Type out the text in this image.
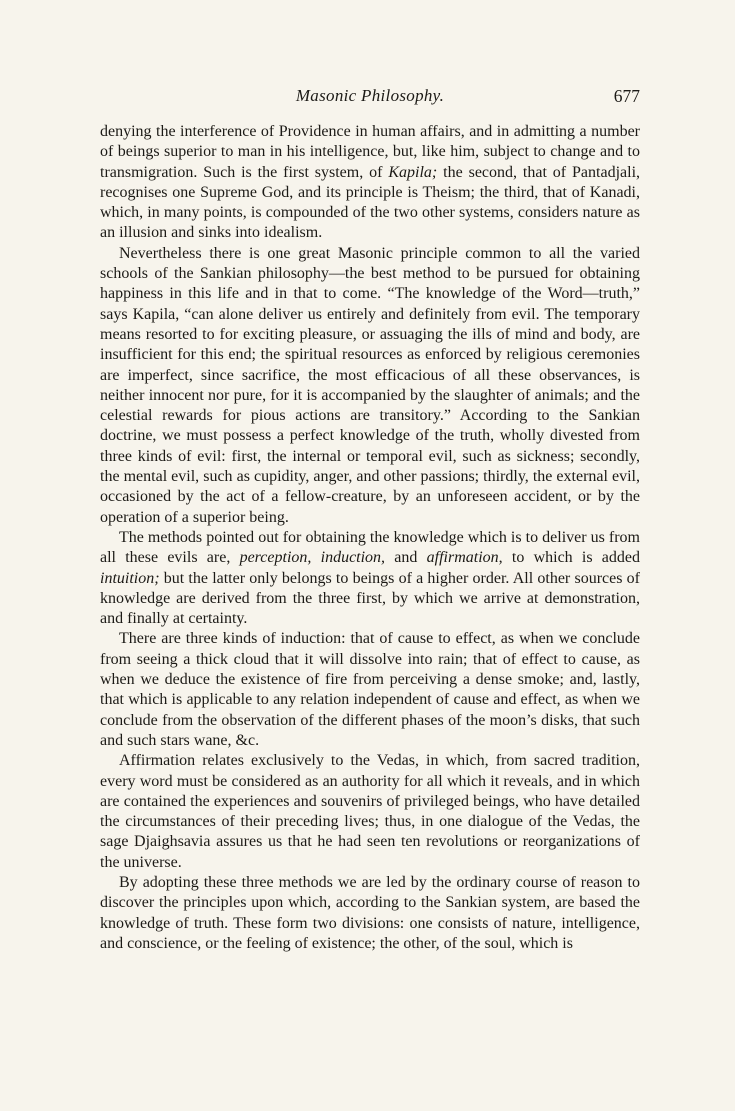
Masonic Philosophy.	677

denying the interference of Providence in human affairs, and in admitting a number of beings superior to man in his intelligence, but, like him, subject to change and to transmigration. Such is the first system, of Kapila; the second, that of Pantadjali, recognises one Supreme God, and its principle is Theism; the third, that of Kanadi, which, in many points, is compounded of the two other systems, considers nature as an illusion and sinks into idealism.

Nevertheless there is one great Masonic principle common to all the varied schools of the Sankian philosophy—the best method to be pursued for obtaining happiness in this life and in that to come. “The knowledge of the Word—truth,” says Kapila, “can alone deliver us entirely and definitely from evil. The temporary means resorted to for exciting pleasure, or assuaging the ills of mind and body, are insufficient for this end; the spiritual resources as enforced by religious ceremonies are imperfect, since sacrifice, the most efficacious of all these observances, is neither innocent nor pure, for it is accompanied by the slaughter of animals; and the celestial rewards for pious actions are transitory.” According to the Sankian doctrine, we must possess a perfect knowledge of the truth, wholly divested from three kinds of evil: first, the internal or temporal evil, such as sickness; secondly, the mental evil, such as cupidity, anger, and other passions; thirdly, the external evil, occasioned by the act of a fellow-creature, by an unforeseen accident, or by the operation of a superior being.

The methods pointed out for obtaining the knowledge which is to deliver us from all these evils are, perception, induction, and affirmation, to which is added intuition; but the latter only belongs to beings of a higher order. All other sources of knowledge are derived from the three first, by which we arrive at demonstration, and finally at certainty.

There are three kinds of induction: that of cause to effect, as when we conclude from seeing a thick cloud that it will dissolve into rain; that of effect to cause, as when we deduce the existence of fire from perceiving a dense smoke; and, lastly, that which is applicable to any relation independent of cause and effect, as when we conclude from the observation of the different phases of the moon’s disks, that such and such stars wane, &c.

Affirmation relates exclusively to the Vedas, in which, from sacred tradition, every word must be considered as an authority for all which it reveals, and in which are contained the experiences and souvenirs of privileged beings, who have detailed the circumstances of their preceding lives; thus, in one dialogue of the Vedas, the sage Djaighsavia assures us that he had seen ten revolutions or reorganizations of the universe.

By adopting these three methods we are led by the ordinary course of reason to discover the principles upon which, according to the Sankian system, are based the knowledge of truth. These form two divisions: one consists of nature, intelligence, and conscience, or the feeling of existence; the other, of the soul, which is
